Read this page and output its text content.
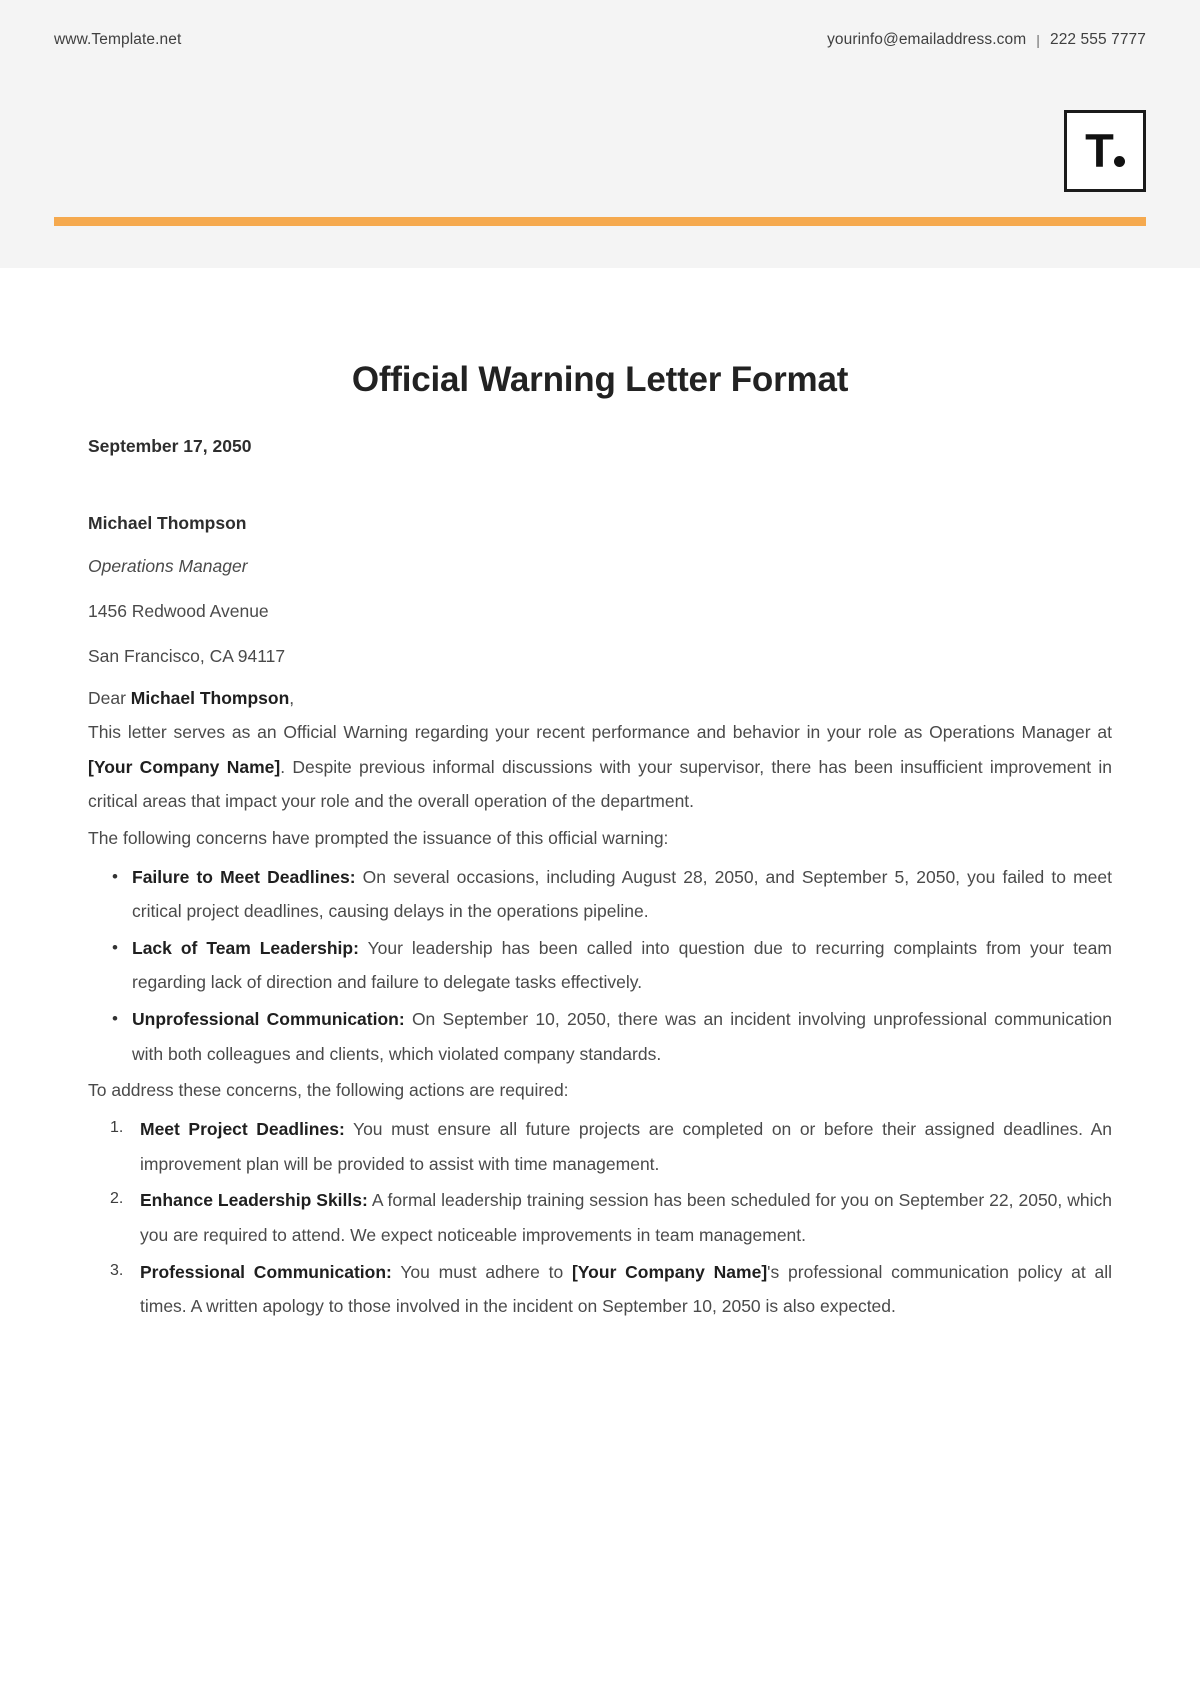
www.Template.net	yourinfo@emailaddress.com | 222 555 7777
T
Official Warning Letter Format
September 17, 2050
Michael Thompson
Operations Manager
1456 Redwood Avenue
San Francisco, CA 94117
Dear Michael Thompson,

This letter serves as an Official Warning regarding your recent performance and behavior in your role as Operations Manager at [Your Company Name]. Despite previous informal discussions with your supervisor, there has been insufficient improvement in critical areas that impact your role and the overall operation of the department.

The following concerns have prompted the issuance of this official warning:

• Failure to Meet Deadlines: On several occasions, including August 28, 2050, and September 5, 2050, you failed to meet critical project deadlines, causing delays in the operations pipeline.
• Lack of Team Leadership: Your leadership has been called into question due to recurring complaints from your team regarding lack of direction and failure to delegate tasks effectively.
• Unprofessional Communication: On September 10, 2050, there was an incident involving unprofessional communication with both colleagues and clients, which violated company standards.

To address these concerns, the following actions are required:

Meet Project Deadlines: You must ensure all future projects are completed on or before their assigned deadlines. An improvement plan will be provided to assist with time management.
Enhance Leadership Skills: A formal leadership training session has been scheduled for you on September 22, 2050, which you are required to attend. We expect noticeable improvements in team management.
Professional Communication: You must adhere to [Your Company Name]'s professional communication policy at all times. A written apology to those involved in the incident on September 10, 2050 is also expected.
